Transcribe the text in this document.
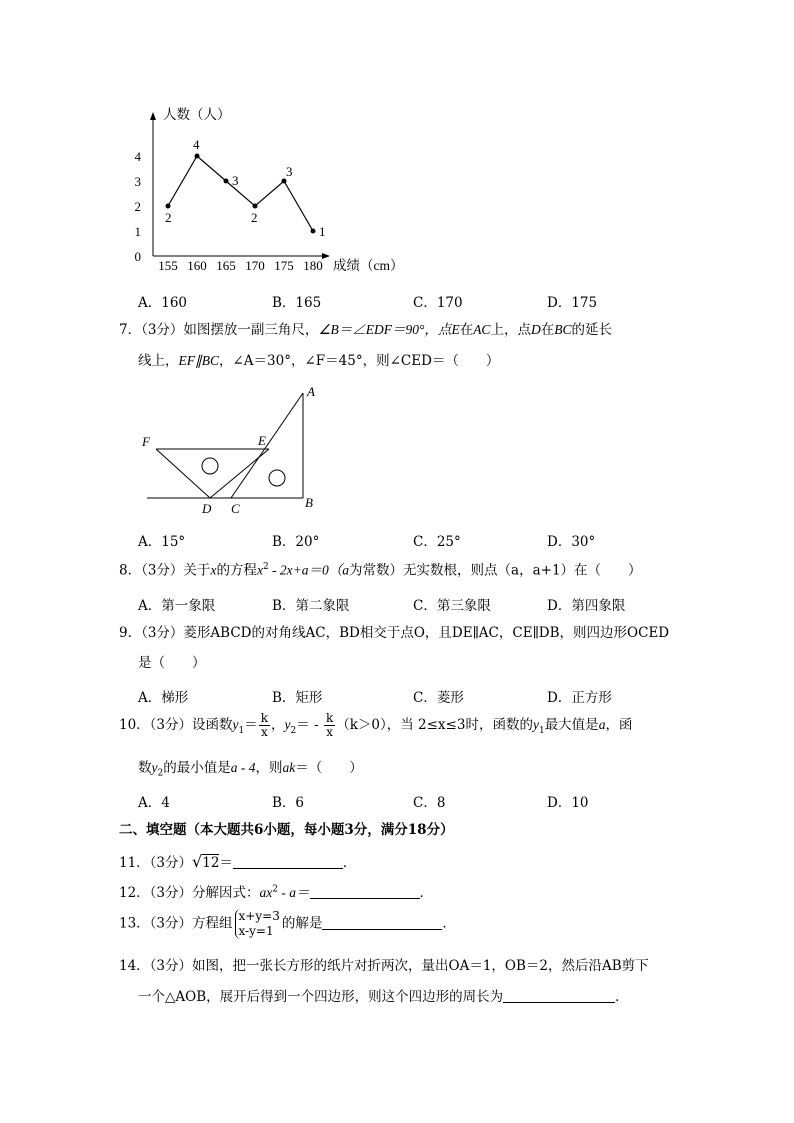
人数（人）
成绩（cm）
0
1
2
3
4
155 160 165 170 175 180
2
4
3
2
3
1
A．160	B．165	C．170	D．175
7．（3分）如图摆放一副三角尺，∠B＝∠EDF＝90°，点E在AC上，点D在BC的延长
线上，EF∥BC，∠A＝30°，∠F＝45°，则∠CED＝（　　）
A
B
C
D
E
F
A．15°	B．20°	C．25°	D．30°
8．（3分）关于x的方程$x^2 - 2x+a=0(a$为常数）无实数根，则点（a，a+1）在（　　）
A．第一象限	B．第二象限	C．第三象限	D．第四象限
9．（3分）菱形ABCD的对角线AC，BD相交于点O，且DE∥AC，CE∥DB，则四边形OCED
是（　　）
A．梯形	B．矩形	C．菱形	D．正方形
10．（3分）设函数$y_1= \frac{k}{x}$ ，$y_2= - \frac{k}{x} (k>0)$，当 2≤x≤3时，函数的$y_1$最大值是a，函
数$y_2$的最小值是a - 4，则ak＝（　　）
A．4	B．6	C．8	D．10
二、填空题（本大题共6小题，每小题3分，满分18分）
11．（3分）√12＝	．
12．（3分）分解因式：$ax^2 - a=$	．
13．（3分）方程组 x+y=3
x-y=1 的解是	．
14．（3分）如图，把一张长方形的纸片对折两次，量出OA＝1，OB＝2，然后沿AB剪下
一个△AOB，展开后得到一个四边形，则这个四边形的周长为	．
